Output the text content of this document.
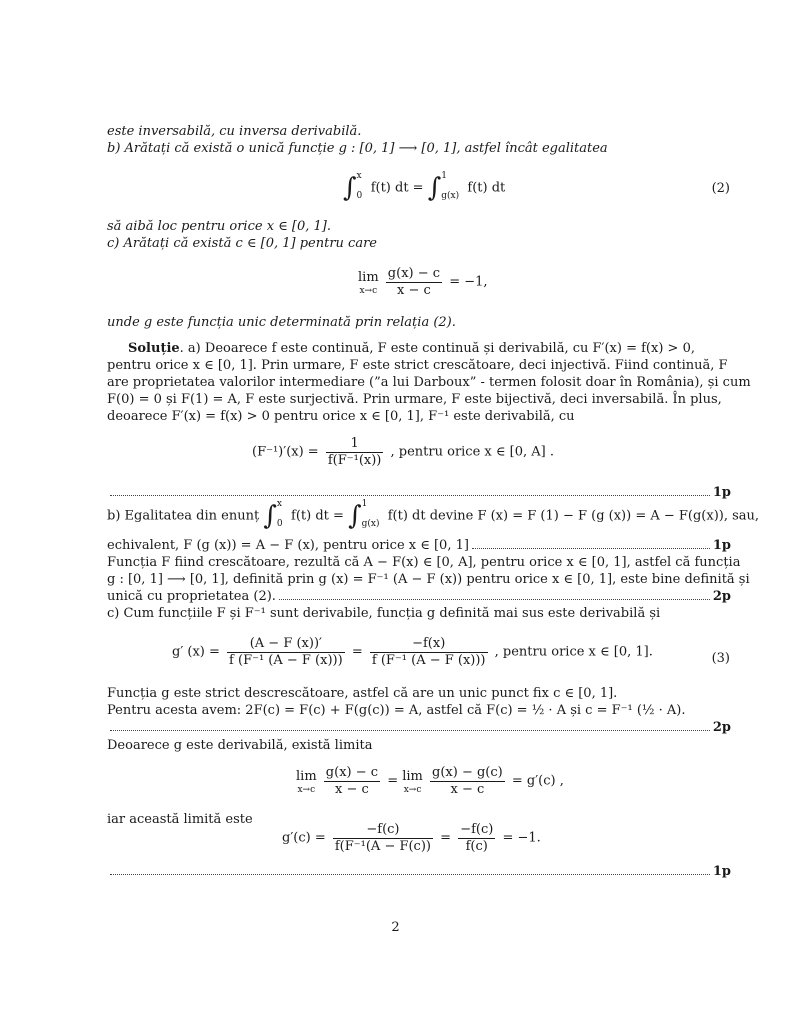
este inversabilă, cu inversa derivabilă.
b) Arătați că există o unică funcție g : [0, 1] ⟶ [0, 1], astfel încât egalitatea
∫ x
0
f(t) dt = ∫ 1
g(x)
f(t) dt	(2)
să aibă loc pentru orice x ∈ [0, 1].
c) Arătați că există c ∈ [0, 1] pentru care
lim
x→c
$\frac{g(x) - c}{x - c} = -1$,
unde g este funcția unic determinată prin relația (2).
Soluție. a) Deoarece f este continuă, F este continuă și derivabilă, cu F′(x) = f(x) > 0,
pentru orice x ∈ [0, 1]. Prin urmare, F este strict crescătoare, deci injectivă. Fiind continuă, F
are proprietatea valorilor intermediare (”a lui Darboux” - termen folosit doar în România), și cum
F(0) = 0 și F(1) = A, F este surjectivă. Prin urmare, F este bijectivă, deci inversabilă. În plus,
deoarece F′(x) = f(x) > 0 pentru orice x ∈ [0, 1], F⁻¹ este derivabilă, cu
$(F^{-1})'(x) = \frac{1}{\text{f(F⁻¹(x))}}$ , pentru orice x ∈ [0, A] .
1p
b) Egalitatea din enunț ∫ x
0
f(t) dt = ∫ 1
g(x)
f(t) dt devine F (x) = F (1) − F (g (x)) = A − F(g(x)), sau,
echivalent, F (g (x)) = A − F (x), pentru orice x ∈ [0, 1]	1p
Funcția F fiind crescătoare, rezultă că A − F(x) ∈ [0, A], pentru orice x ∈ [0, 1], astfel că funcția
g : [0, 1] ⟶ [0, 1], definită prin g (x) = F⁻¹ (A − F (x)) pentru orice x ∈ [0, 1], este bine definită și
unică cu proprietatea (2).	2p
c) Cum funcțiile F și F⁻¹ sunt derivabile, funcția g definită mai sus este derivabilă și
g′ $(x) = \frac{(A - F (x))'}{\text{f (F⁻¹ (A − F (x)))}} = \frac{-f(x)}{\text{f (F⁻¹ (A − F (x)))}}$ , pentru orice x ∈ [0, 1].	(3)
Funcția g este strict descrescătoare, astfel că are un unic punct fix c ∈ [0, 1].
Pentru acesta avem: 2F(c) = F(c) + F(g(c)) = A, astfel că F(c) = ½ · A și c = F⁻¹ (½ · A).
2p
Deoarece g este derivabilă, există limita
lim
x→c
$\frac{g(x) - c}{x - c} = \lim$
x→c
$\frac{g(x) - g(c)}{x - c} = g'(c)$ ,
iar această limită este
$g'(c) = \frac{-f(c)}{\text{f(F⁻¹(A − F(c))}} = \frac{-f(c)}{f(c)} = -1$.
1p
2
